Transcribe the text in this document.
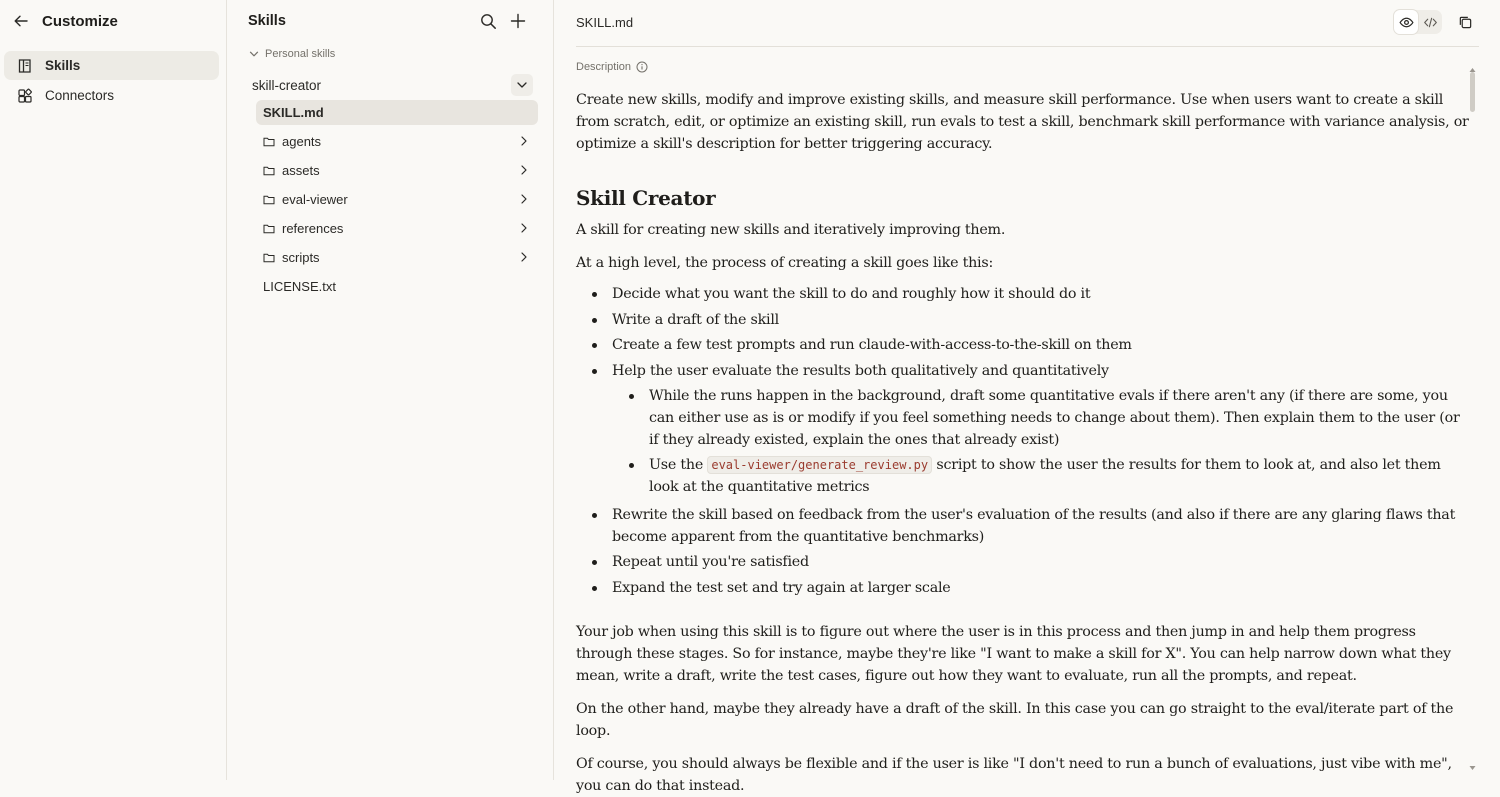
Customize
Skills
Connectors
Skills
Personal skills
skill-creator
SKILL.md
agents
assets
eval-viewer
references
scripts
LICENSE.txt
SKILL.md
Description
Create new skills, modify and improve existing skills, and measure skill performance. Use when users want to create a skill from scratch, edit, or optimize an existing skill, run evals to test a skill, benchmark skill performance with variance analysis, or optimize a skill's description for better triggering accuracy.
Skill Creator
A skill for creating new skills and iteratively improving them.
At a high level, the process of creating a skill goes like this:
Decide what you want the skill to do and roughly how it should do it
Write a draft of the skill
Create a few test prompts and run claude-with-access-to-the-skill on them
Help the user evaluate the results both qualitatively and quantitatively
While the runs happen in the background, draft some quantitative evals if there aren't any (if there are some, you can either use as is or modify if you feel something needs to change about them). Then explain them to the user (or if they already existed, explain the ones that already exist)
Use the eval-viewer/generate_review.py script to show the user the results for them to look at, and also let them look at the quantitative metrics
Rewrite the skill based on feedback from the user's evaluation of the results (and also if there are any glaring flaws that become apparent from the quantitative benchmarks)
Repeat until you're satisfied
Expand the test set and try again at larger scale
Your job when using this skill is to figure out where the user is in this process and then jump in and help them progress through these stages. So for instance, maybe they're like "I want to make a skill for X". You can help narrow down what they mean, write a draft, write the test cases, figure out how they want to evaluate, run all the prompts, and repeat.
On the other hand, maybe they already have a draft of the skill. In this case you can go straight to the eval/iterate part of the loop.
Of course, you should always be flexible and if the user is like "I don't need to run a bunch of evaluations, just vibe with me", you can do that instead.
